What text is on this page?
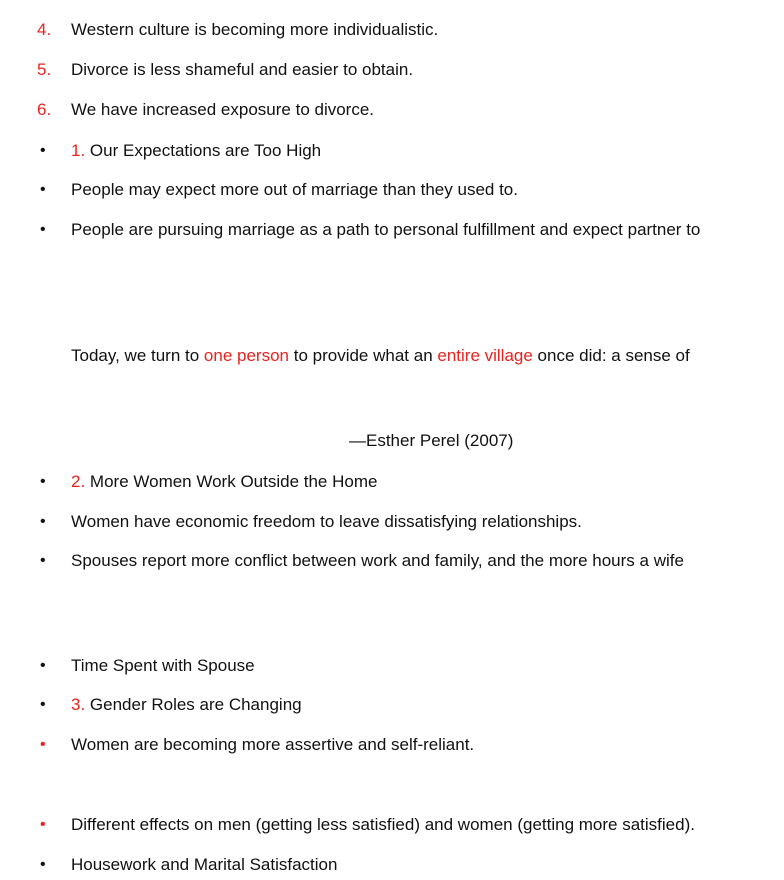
4.	Western culture is becoming more individualistic.
5.	Divorce is less shameful and easier to obtain.
6.	We have increased exposure to divorce.
•	1. Our Expectations are Too High
•	People may expect more out of marriage than they used to.
•	People are pursuing marriage as a path to personal fulfillment and expect partner to
Today, we turn to one person to provide what an entire village once did: a sense of
—Esther Perel (2007)
•	2. More Women Work Outside the Home
•	Women have economic freedom to leave dissatisfying relationships.
•	Spouses report more conflict between work and family, and the more hours a wife
•	Time Spent with Spouse
•	3. Gender Roles are Changing
•	Women are becoming more assertive and self-reliant.
•	Different effects on men (getting less satisfied) and women (getting more satisfied).
•	Housework and Marital Satisfaction
